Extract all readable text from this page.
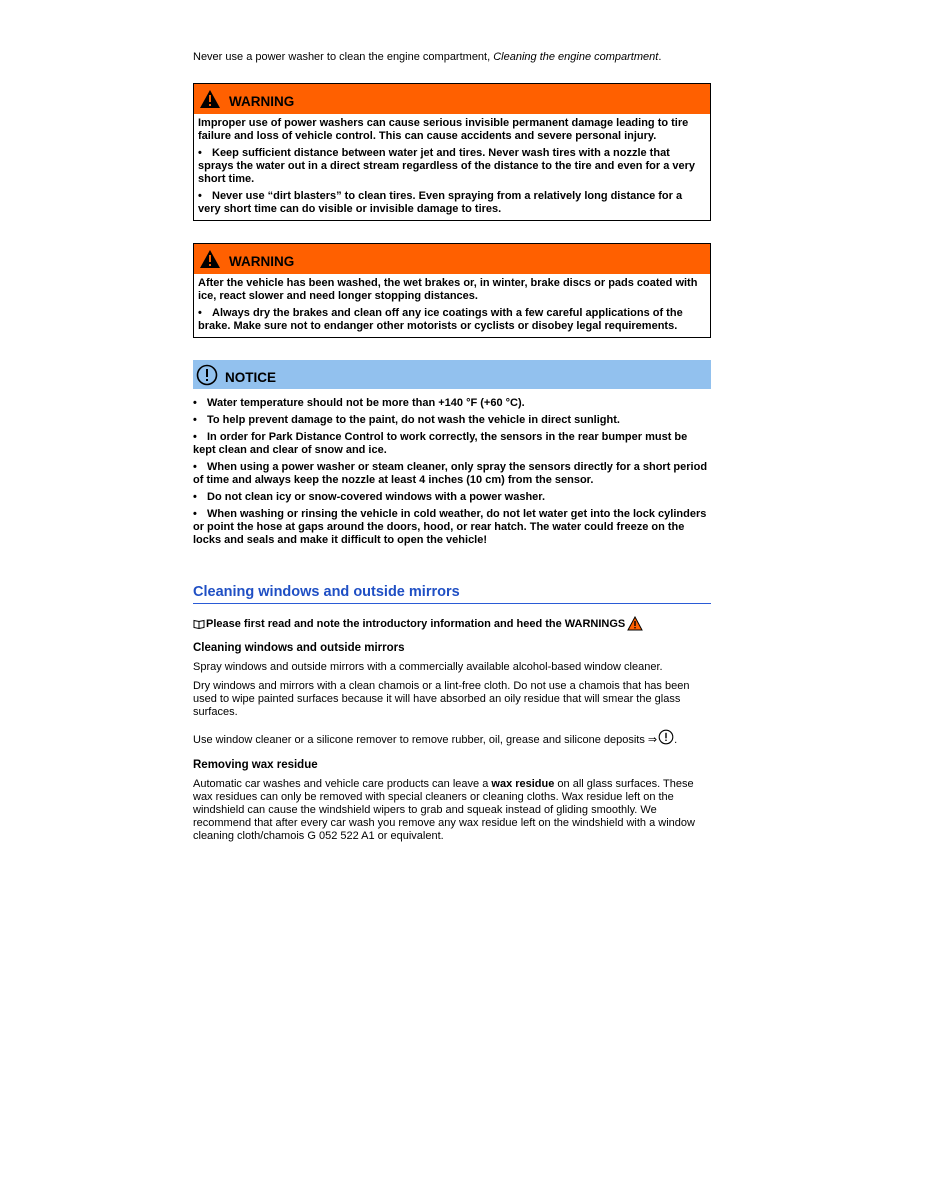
Never use a power washer to clean the engine compartment, Cleaning the engine compartment.

WARNING

Improper use of power washers can cause serious invisible permanent damage leading to tire failure and loss of vehicle control. This can cause accidents and severe personal injury.

• Keep sufficient distance between water jet and tires. Never wash tires with a nozzle that sprays the water out in a direct stream regardless of the distance to the tire and even for a very short time.

• Never use “dirt blasters” to clean tires. Even spraying from a relatively long distance for a very short time can do visible or invisible damage to tires.

WARNING

After the vehicle has been washed, the wet brakes or, in winter, brake discs or pads coated with ice, react slower and need longer stopping distances.

• Always dry the brakes and clean off any ice coatings with a few careful applications of the brake. Make sure not to endanger other motorists or cyclists or disobey legal requirements.

NOTICE

• Water temperature should not be more than +140 °F (+60 °C).

• To help prevent damage to the paint, do not wash the vehicle in direct sunlight.

• In order for Park Distance Control to work correctly, the sensors in the rear bumper must be kept clean and clear of snow and ice.

• When using a power washer or steam cleaner, only spray the sensors directly for a short period of time and always keep the nozzle at least 4 inches (10 cm) from the sensor.

• Do not clean icy or snow-covered windows with a power washer.

• When washing or rinsing the vehicle in cold weather, do not let water get into the lock cylinders or point the hose at gaps around the doors, hood, or rear hatch. The water could freeze on the locks and seals and make it difficult to open the vehicle!

Cleaning windows and outside mirrors
Please first read and note the introductory information and heed the WARNINGS
Cleaning windows and outside mirrors
Spray windows and outside mirrors with a commercially available alcohol-based window cleaner.
Dry windows and mirrors with a clean chamois or a lint-free cloth. Do not use a chamois that has been used to wipe painted surfaces because it will have absorbed an oily residue that will smear the glass surfaces.
Use window cleaner or a silicone remover to remove rubber, oil, grease and silicone deposits ⇒ .
Removing wax residue
Automatic car washes and vehicle care products can leave a wax residue on all glass surfaces. These wax residues can only be removed with special cleaners or cleaning cloths. Wax residue left on the windshield can cause the windshield wipers to grab and squeak instead of gliding smoothly. We recommend that after every car wash you remove any wax residue left on the windshield with a window cleaning cloth/chamois G 052 522 A1 or equivalent.
